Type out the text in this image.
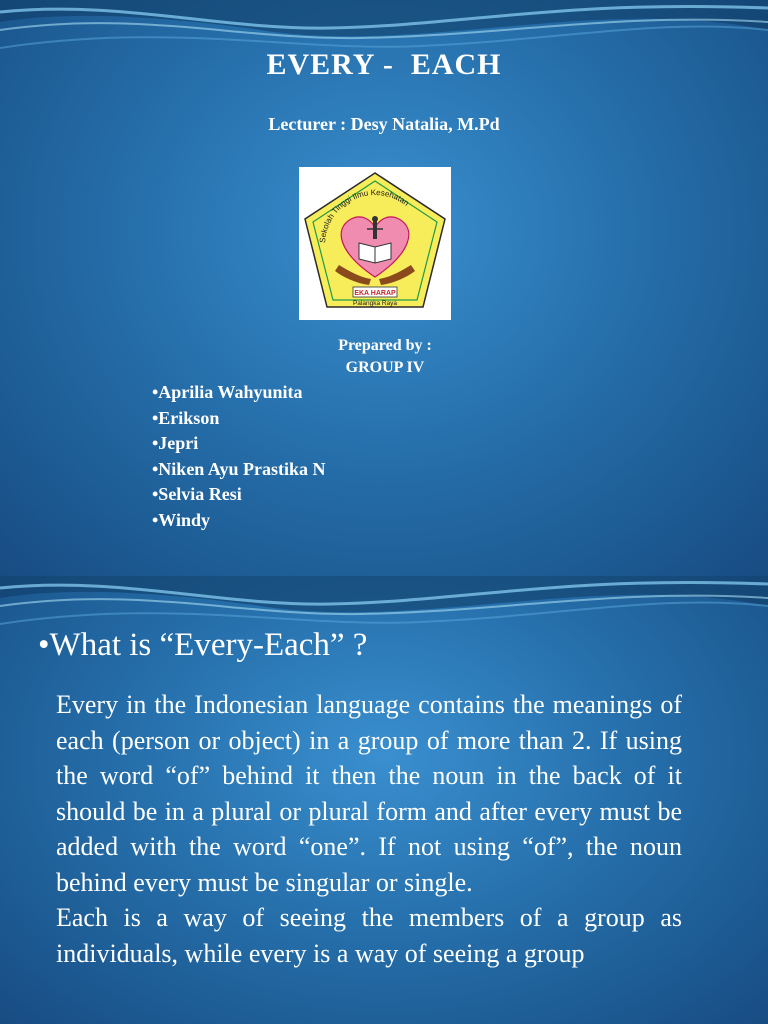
EVERY -  EACH
Lecturer : Desy Natalia, M.Pd
Sekolah Tinggi Ilmu Kesehatan
EKA HARAP
Palangka Raya
Prepared by :
GROUP IV
•Aprilia Wahyunita
•Erikson
•Jepri
•Niken Ayu Prastika N
•Selvia Resi
•Windy
•What is “Every-Each” ?

Every in the Indonesian language contains the meanings of each (person or object) in a group of more than 2. If using the word “of” behind it then the noun in the back of it should be in a plural or plural form and after every must be added with the word “one”. If not using “of”, the noun behind every must be singular or single.

Each is a way of seeing the members of a group as individuals, while every is a way of seeing a group
